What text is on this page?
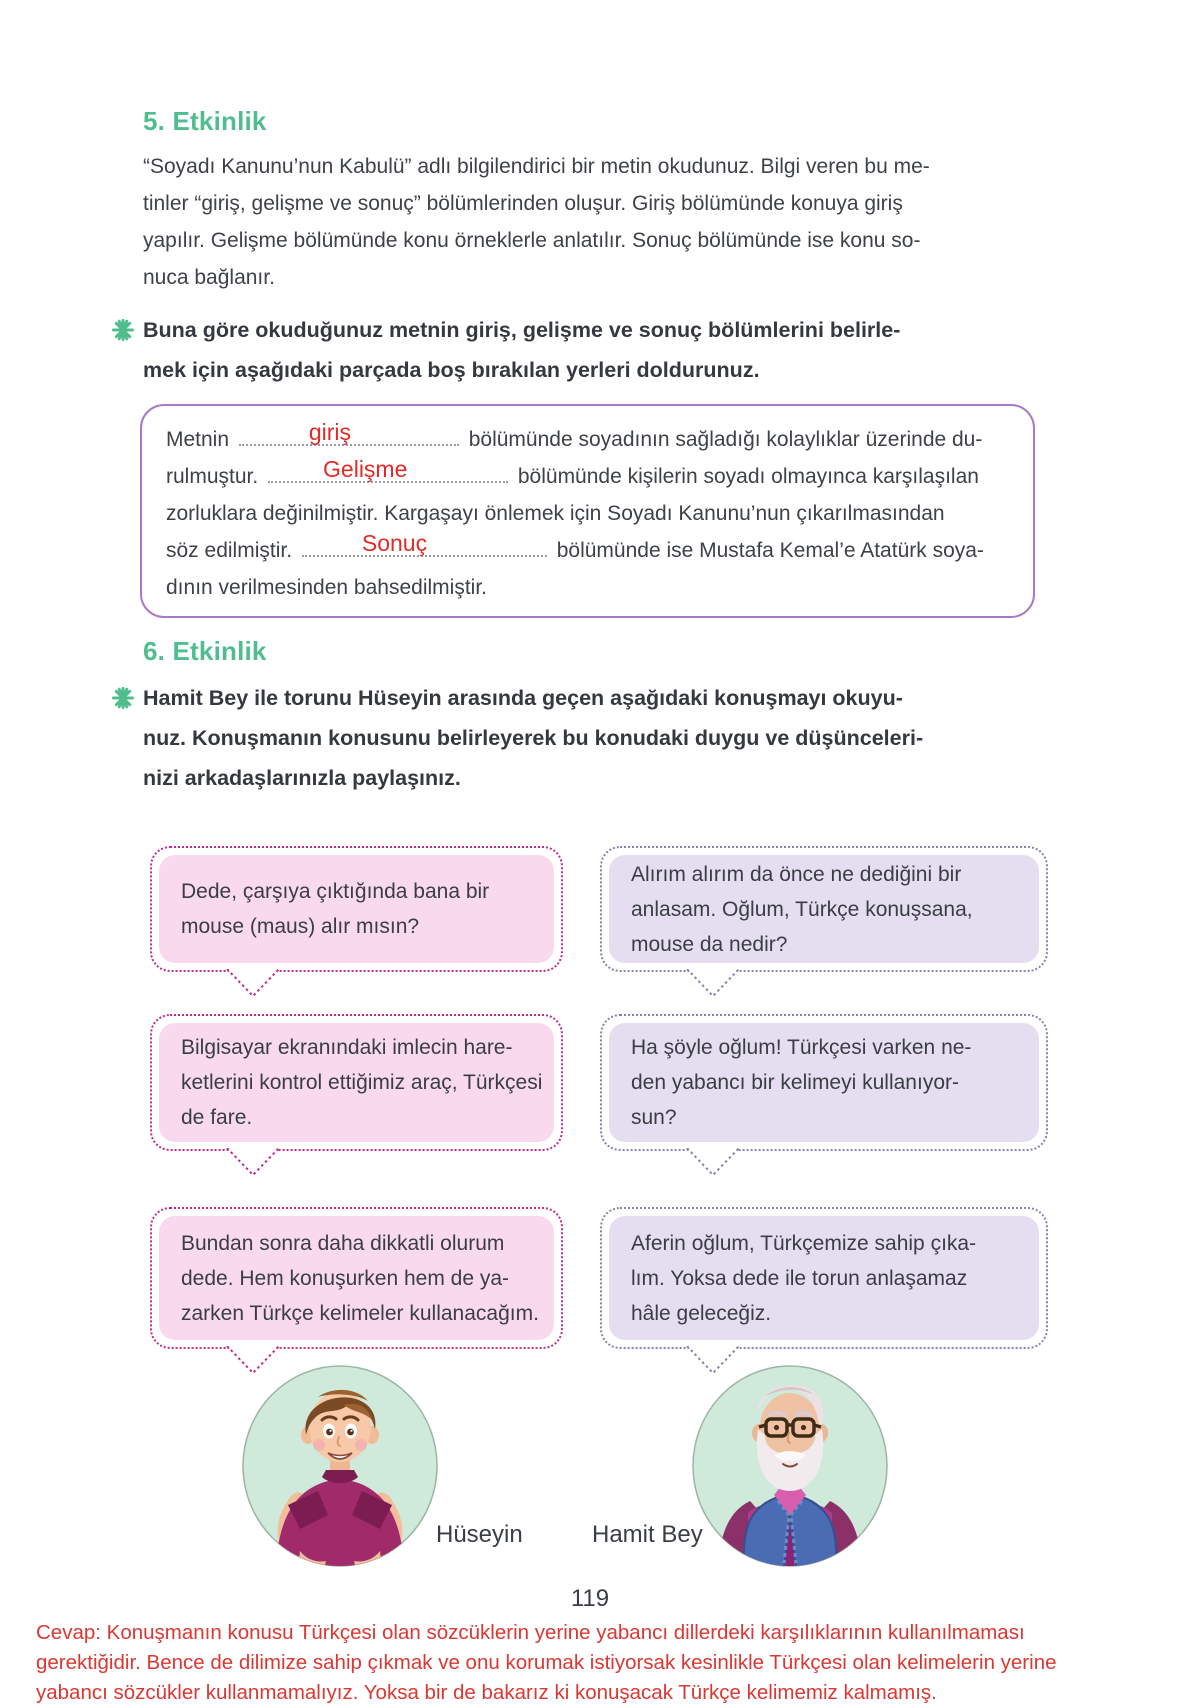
5. Etkinlik
“Soyadı Kanunu’nun Kabulü” adlı bilgilendirici bir metin okudunuz. Bilgi veren bu me-
tinler “giriş, gelişme ve sonuç” bölümlerinden oluşur. Giriş bölümünde konuya giriş
yapılır. Gelişme bölümünde konu örneklerle anlatılır. Sonuç bölümünde ise konu so-
nuca bağlanır.
Buna göre okuduğunuz metnin giriş, gelişme ve sonuç bölümlerini belirle-
mek için aşağıdaki parçada boş bırakılan yerleri doldurunuz.
Metnin	giriş	bölümünde soyadının sağladığı kolaylıklar üzerinde du-
rulmuştur.	Gelişme	bölümünde kişilerin soyadı olmayınca karşılaşılan
zorluklara değinilmiştir. Kargaşayı önlemek için Soyadı Kanunu’nun çıkarılmasından
söz edilmiştir.	Sonuç	bölümünde ise Mustafa Kemal’e Atatürk soya-
dının verilmesinden bahsedilmiştir.
6. Etkinlik
Hamit Bey ile torunu Hüseyin arasında geçen aşağıdaki konuşmayı okuyu-
nuz. Konuşmanın konusunu belirleyerek bu konudaki duygu ve düşünceleri-
nizi arkadaşlarınızla paylaşınız.
Dede, çarşıya çıktığında bana bir
mouse (maus) alır mısın?
Alırım alırım da önce ne dediğini bir
anlasam. Oğlum, Türkçe konuşsana,
mouse da nedir?
Bilgisayar ekranındaki imlecin hare-
ketlerini kontrol ettiğimiz araç, Türkçesi
de fare.
Ha şöyle oğlum! Türkçesi varken ne-
den yabancı bir kelimeyi kullanıyor-
sun?
Bundan sonra daha dikkatli olurum
dede. Hem konuşurken hem de ya-
zarken Türkçe kelimeler kullanacağım.
Aferin oğlum, Türkçemize sahip çıka-
lım. Yoksa dede ile torun anlaşamaz
hâle geleceğiz.
Hüseyin	Hamit Bey
119
Cevap: Konuşmanın konusu Türkçesi olan sözcüklerin yerine yabancı dillerdeki karşılıklarının kullanılmaması
gerektiğidir. Bence de dilimize sahip çıkmak ve onu korumak istiyorsak kesinlikle Türkçesi olan kelimelerin yerine
yabancı sözcükler kullanmamalıyız. Yoksa bir de bakarız ki konuşacak Türkçe kelimemiz kalmamış.
